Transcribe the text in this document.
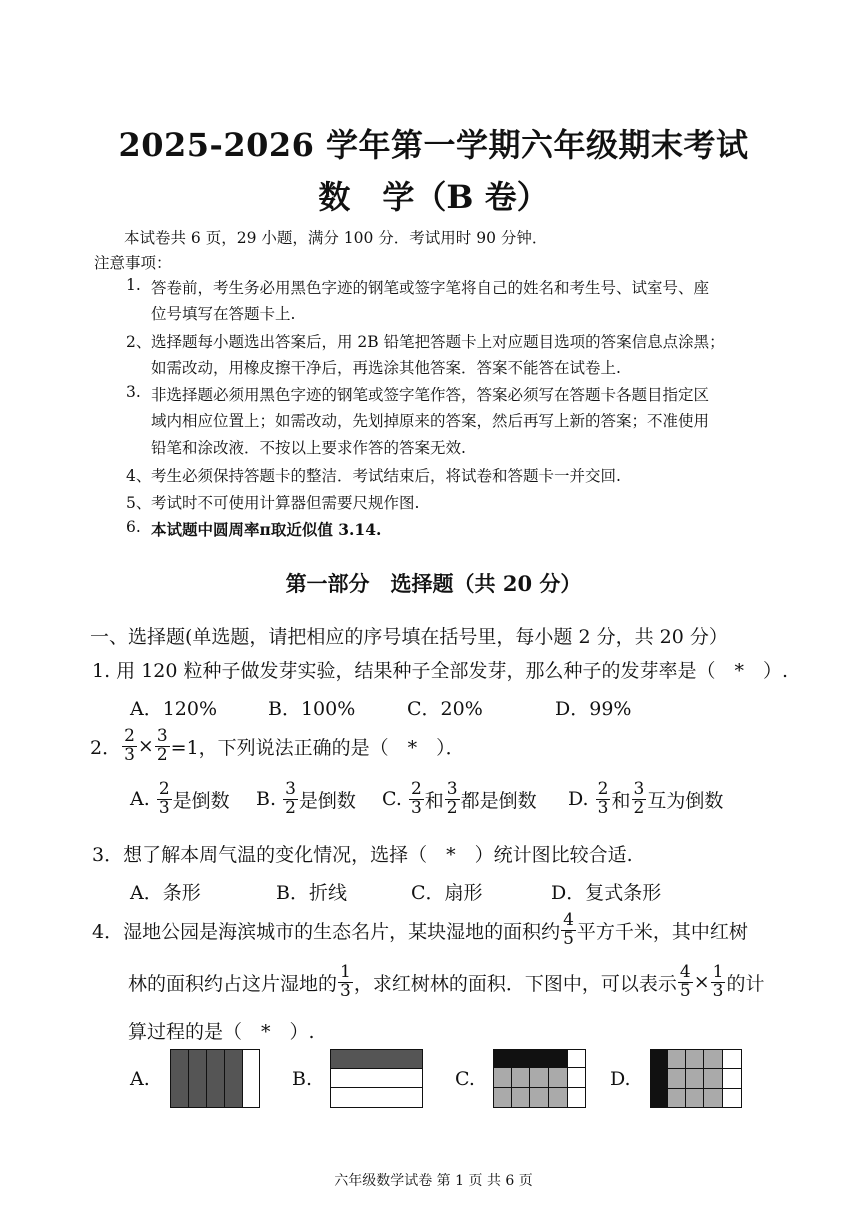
2025-2026 学年第一学期六年级期末考试
数　学（B 卷）
本试卷共 6 页，29 小题，满分 100 分．考试用时 90 分钟．
注意事项：
1. 答卷前，考生务必用黑色字迹的钢笔或签字笔将自己的姓名和考生号、试室号、座
位号填写在答题卡上.
2、 选择题每小题选出答案后，用 2B 铅笔把答题卡上对应题目选项的答案信息点涂黑；
如需改动，用橡皮擦干净后，再选涂其他答案．答案不能答在试卷上.
3. 非选择题必须用黑色字迹的钢笔或签字笔作答，答案必须写在答题卡各题目指定区
域内相应位置上；如需改动，先划掉原来的答案，然后再写上新的答案；不准使用
铅笔和涂改液．不按以上要求作答的答案无效.
4、 考生必须保持答题卡的整洁．考试结束后，将试卷和答题卡一并交回.
5、 考试时不可使用计算器但需要尺规作图.
6. 本试题中圆周率π取近似值 3.14.
第一部分　选择题（共 20 分）
一、选择题(单选题，请把相应的序号填在括号里，每小题 2 分，共 20 分）
1. 用 120 粒种子做发芽实验，结果种子全部发芽，那么种子的发芽率是（　*　）.
A．120%	B．100%	C．20%	D．99%
2． $\frac{2}{3} \times \frac{3}{2} =1$，下列说法正确的是（　*　）．
A.
$\frac{2}{3}$ 是倒数 B.
$\frac{3}{2}$ 是倒数 C.
$\frac{2}{3}$ 和 $\frac{3}{2}$ 都是倒数 D.
$\frac{2}{3}$ 和 $\frac{3}{2}$ 互为倒数
3．想了解本周气温的变化情况，选择（　*　）统计图比较合适.
A．条形	B．折线	C．扇形	D．复式条形
4．湿地公园是海滨城市的生态名片，某块湿地的面积约 $\frac{4}{5}$ 平方千米，其中红树
林的面积约占这片湿地的 $\frac{1}{3}$ ，求红树林的面积．下图中，可以表示 $\frac{4}{5} \times \frac{1}{3}$ 的计
算过程的是（　*　）.
A.	B.	C.	D.
六年级数学试卷 第 1 页 共 6 页
